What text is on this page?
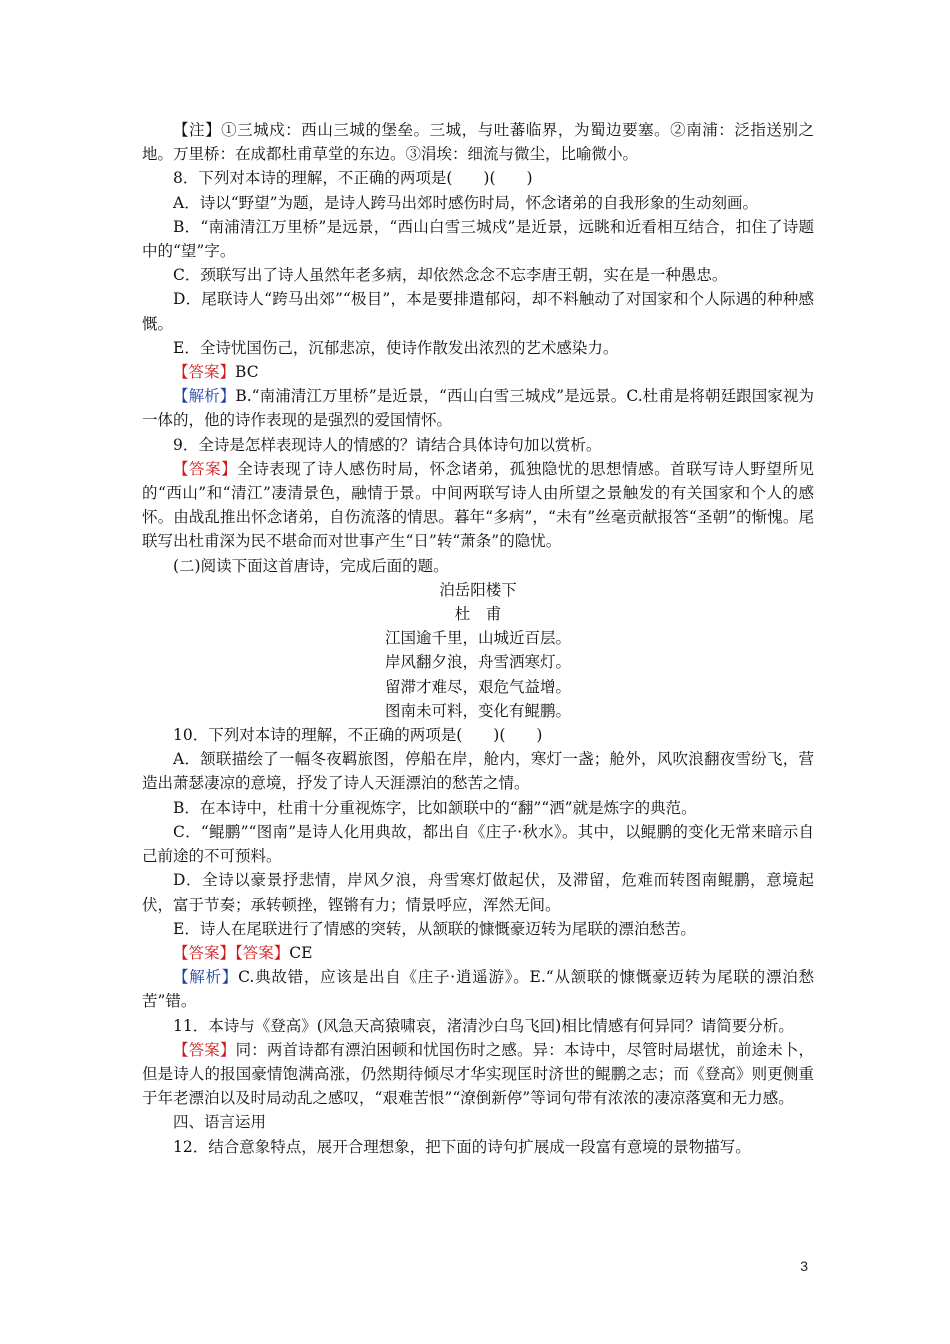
【注】①三城戍：西山三城的堡垒。三城，与吐蕃临界，为蜀边要塞。②南浦：泛指送别之地。万里桥：在成都杜甫草堂的东边。③涓埃：细流与微尘，比喻微小。

8．下列对本诗的理解，不正确的两项是(　　)(　　)

A．诗以“野望”为题，是诗人跨马出郊时感伤时局，怀念诸弟的自我形象的生动刻画。

B．“南浦清江万里桥”是远景，“西山白雪三城戍”是近景，远眺和近看相互结合，扣住了诗题中的“望”字。

C．颈联写出了诗人虽然年老多病，却依然念念不忘李唐王朝，实在是一种愚忠。

D．尾联诗人“跨马出郊”“极目”，本是要排遣郁闷，却不料触动了对国家和个人际遇的种种感慨。

E．全诗忧国伤己，沉郁悲凉，使诗作散发出浓烈的艺术感染力。

【答案】BC

【解析】B.“南浦清江万里桥”是近景，“西山白雪三城戍”是远景。C.杜甫是将朝廷跟国家视为一体的，他的诗作表现的是强烈的爱国情怀。

9．全诗是怎样表现诗人的情感的？请结合具体诗句加以赏析。

【答案】全诗表现了诗人感伤时局，怀念诸弟，孤独隐忧的思想情感。首联写诗人野望所见的“西山”和“清江”凄清景色，融情于景。中间两联写诗人由所望之景触发的有关国家和个人的感怀。由战乱推出怀念诸弟，自伤流落的情思。暮年“多病”，“未有”丝毫贡献报答“圣朝”的惭愧。尾联写出杜甫深为民不堪命而对世事产生“日”转“萧条”的隐忧。

(二)阅读下面这首唐诗，完成后面的题。

泊岳阳楼下
杜　甫
江国逾千里，山城近百层。
岸风翻夕浪，舟雪洒寒灯。
留滞才难尽，艰危气益增。
图南未可料，变化有鲲鹏。

10．下列对本诗的理解，不正确的两项是(　　)(　　)

A．颔联描绘了一幅冬夜羁旅图，停船在岸，舱内，寒灯一盏；舱外，风吹浪翻夜雪纷飞，营造出萧瑟凄凉的意境，抒发了诗人天涯漂泊的愁苦之情。

B．在本诗中，杜甫十分重视炼字，比如颔联中的“翻”“洒”就是炼字的典范。

C．“鲲鹏”“图南”是诗人化用典故，都出自《庄子·秋水》。其中，以鲲鹏的变化无常来暗示自己前途的不可预料。

D．全诗以豪景抒悲情，岸风夕浪，舟雪寒灯做起伏，及滞留，危难而转图南鲲鹏，意境起伏，富于节奏；承转顿挫，铿锵有力；情景呼应，浑然无间。

E．诗人在尾联进行了情感的突转，从颔联的慷慨豪迈转为尾联的漂泊愁苦。

【答案】【答案】CE

【解析】C.典故错，应该是出自《庄子·逍遥游》。E.“从颔联的慷慨豪迈转为尾联的漂泊愁苦”错。

11．本诗与《登高》(风急天高猿啸哀，渚清沙白鸟飞回)相比情感有何异同？请简要分析。

【答案】同：两首诗都有漂泊困顿和忧国伤时之感。异：本诗中，尽管时局堪忧，前途未卜，但是诗人的报国豪情饱满高涨，仍然期待倾尽才华实现匡时济世的鲲鹏之志；而《登高》则更侧重于年老漂泊以及时局动乱之感叹，“艰难苦恨”“潦倒新停”等词句带有浓浓的凄凉落寞和无力感。

四、语言运用

12．结合意象特点，展开合理想象，把下面的诗句扩展成一段富有意境的景物描写。

3
